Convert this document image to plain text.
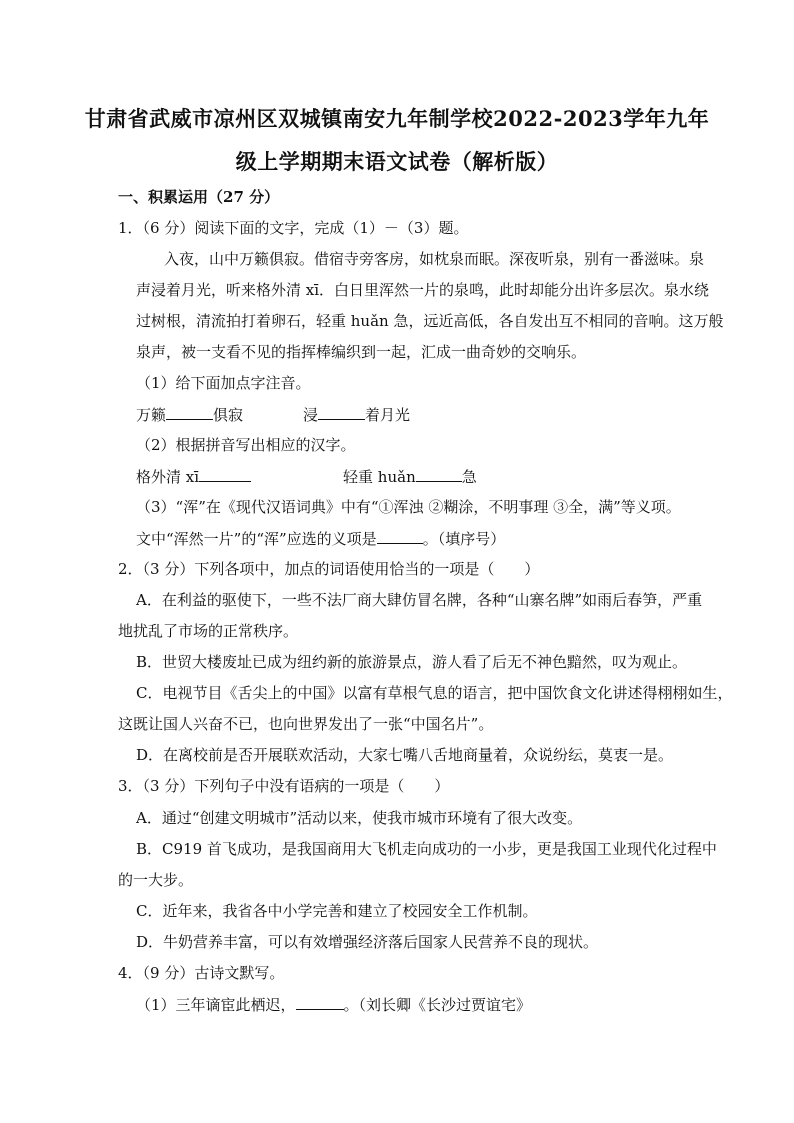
甘肃省武威市凉州区双城镇南安九年制学校2022-2023学年九年
级上学期期末语文试卷（解析版）
一、积累运用（27 分）
1．（6 分）阅读下面的文字，完成（1）－（3）题。
入夜，山中万籁俱寂。借宿寺旁客房，如枕泉而眠。深夜听泉，别有一番滋味。泉
声浸着月光，听来格外清 xī．白日里浑然一片的泉鸣，此时却能分出许多层次。泉水绕
过树根，清流拍打着卵石，轻重 huǎn 急，远近高低，各自发出互不相同的音响。这万般
泉声，被一支看不见的指挥棒编织到一起，汇成一曲奇妙的交响乐。
（1）给下面加点字注音。
万籁	俱寂	浸	着月光
（2）根据拼音写出相应的汉字。
格外清 xī	轻重 huǎn	急
（3）“浑”在《现代汉语词典》中有“①浑浊 ②糊涂，不明事理 ③全，满”等义项。
文中“浑然一片”的“浑”应选的义项是	。（填序号）
2．（3 分）下列各项中，加点的词语使用恰当的一项是（　　）
A．在利益的驱使下，一些不法厂商大肆仿冒名牌，各种“山寨名牌”如雨后春笋，严重
地扰乱了市场的正常秩序。
B．世贸大楼废址已成为纽约新的旅游景点，游人看了后无不神色黯然，叹为观止。
C．电视节目《舌尖上的中国》以富有草根气息的语言，把中国饮食文化讲述得栩栩如生，
这既让国人兴奋不已，也向世界发出了一张“中国名片”。
D．在离校前是否开展联欢活动，大家七嘴八舌地商量着，众说纷纭，莫衷一是。
3．（3 分）下列句子中没有语病的一项是（　　）
A．通过“创建文明城市”活动以来，使我市城市环境有了很大改变。
B．C919 首飞成功，是我国商用大飞机走向成功的一小步，更是我国工业现代化过程中
的一大步。
C．近年来，我省各中小学完善和建立了校园安全工作机制。
D．牛奶营养丰富，可以有效增强经济落后国家人民营养不良的现状。
4．（9 分）古诗文默写。
（1）三年谪宦此栖迟，	。（刘长卿《长沙过贾谊宅》
